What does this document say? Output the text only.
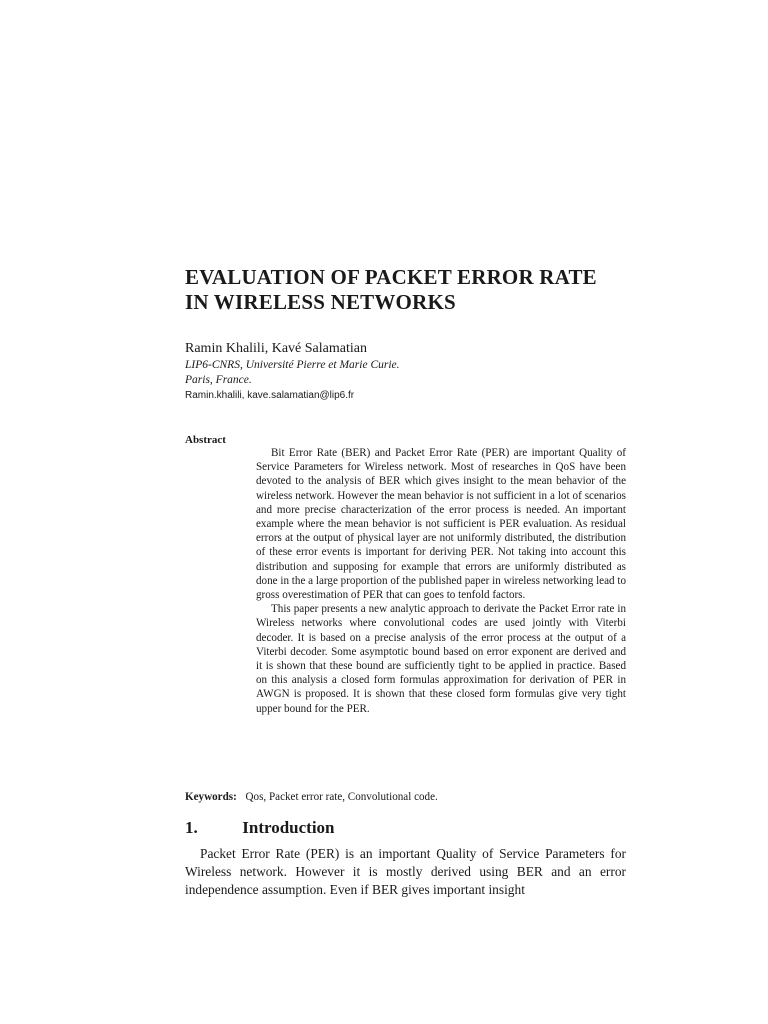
EVALUATION OF PACKET ERROR RATE
IN WIRELESS NETWORKS
Ramin Khalili, Kavé Salamatian
LIP6-CNRS, Université Pierre et Marie Curie.
Paris, France.
Ramin.khalili, kave.salamatian@lip6.fr
Abstract

Bit Error Rate (BER) and Packet Error Rate (PER) are important Quality of Service Parameters for Wireless network. Most of researches in QoS have been devoted to the analysis of BER which gives insight to the mean behavior of the wireless network. However the mean behavior is not sufficient in a lot of scenarios and more precise characterization of the error process is needed. An important example where the mean behavior is not sufficient is PER evaluation. As residual errors at the output of physical layer are not uniformly distributed, the distribution of these error events is important for deriving PER. Not taking into account this distribution and supposing for example that errors are uniformly distributed as done in the a large proportion of the published paper in wireless networking lead to gross overestimation of PER that can goes to tenfold factors.

This paper presents a new analytic approach to derivate the Packet Error rate in Wireless networks where convolutional codes are used jointly with Viterbi decoder. It is based on a precise analysis of the error process at the output of a Viterbi decoder. Some asymptotic bound based on error exponent are derived and it is shown that these bound are sufficiently tight to be applied in practice. Based on this analysis a closed form formulas approximation for derivation of PER in AWGN is proposed. It is shown that these closed form formulas give very tight upper bound for the PER.

Keywords: Qos, Packet error rate, Convolutional code.
1.	Introduction

Packet Error Rate (PER) is an important Quality of Service Parameters for Wireless network. However it is mostly derived using BER and an error independence assumption. Even if BER gives important insight
